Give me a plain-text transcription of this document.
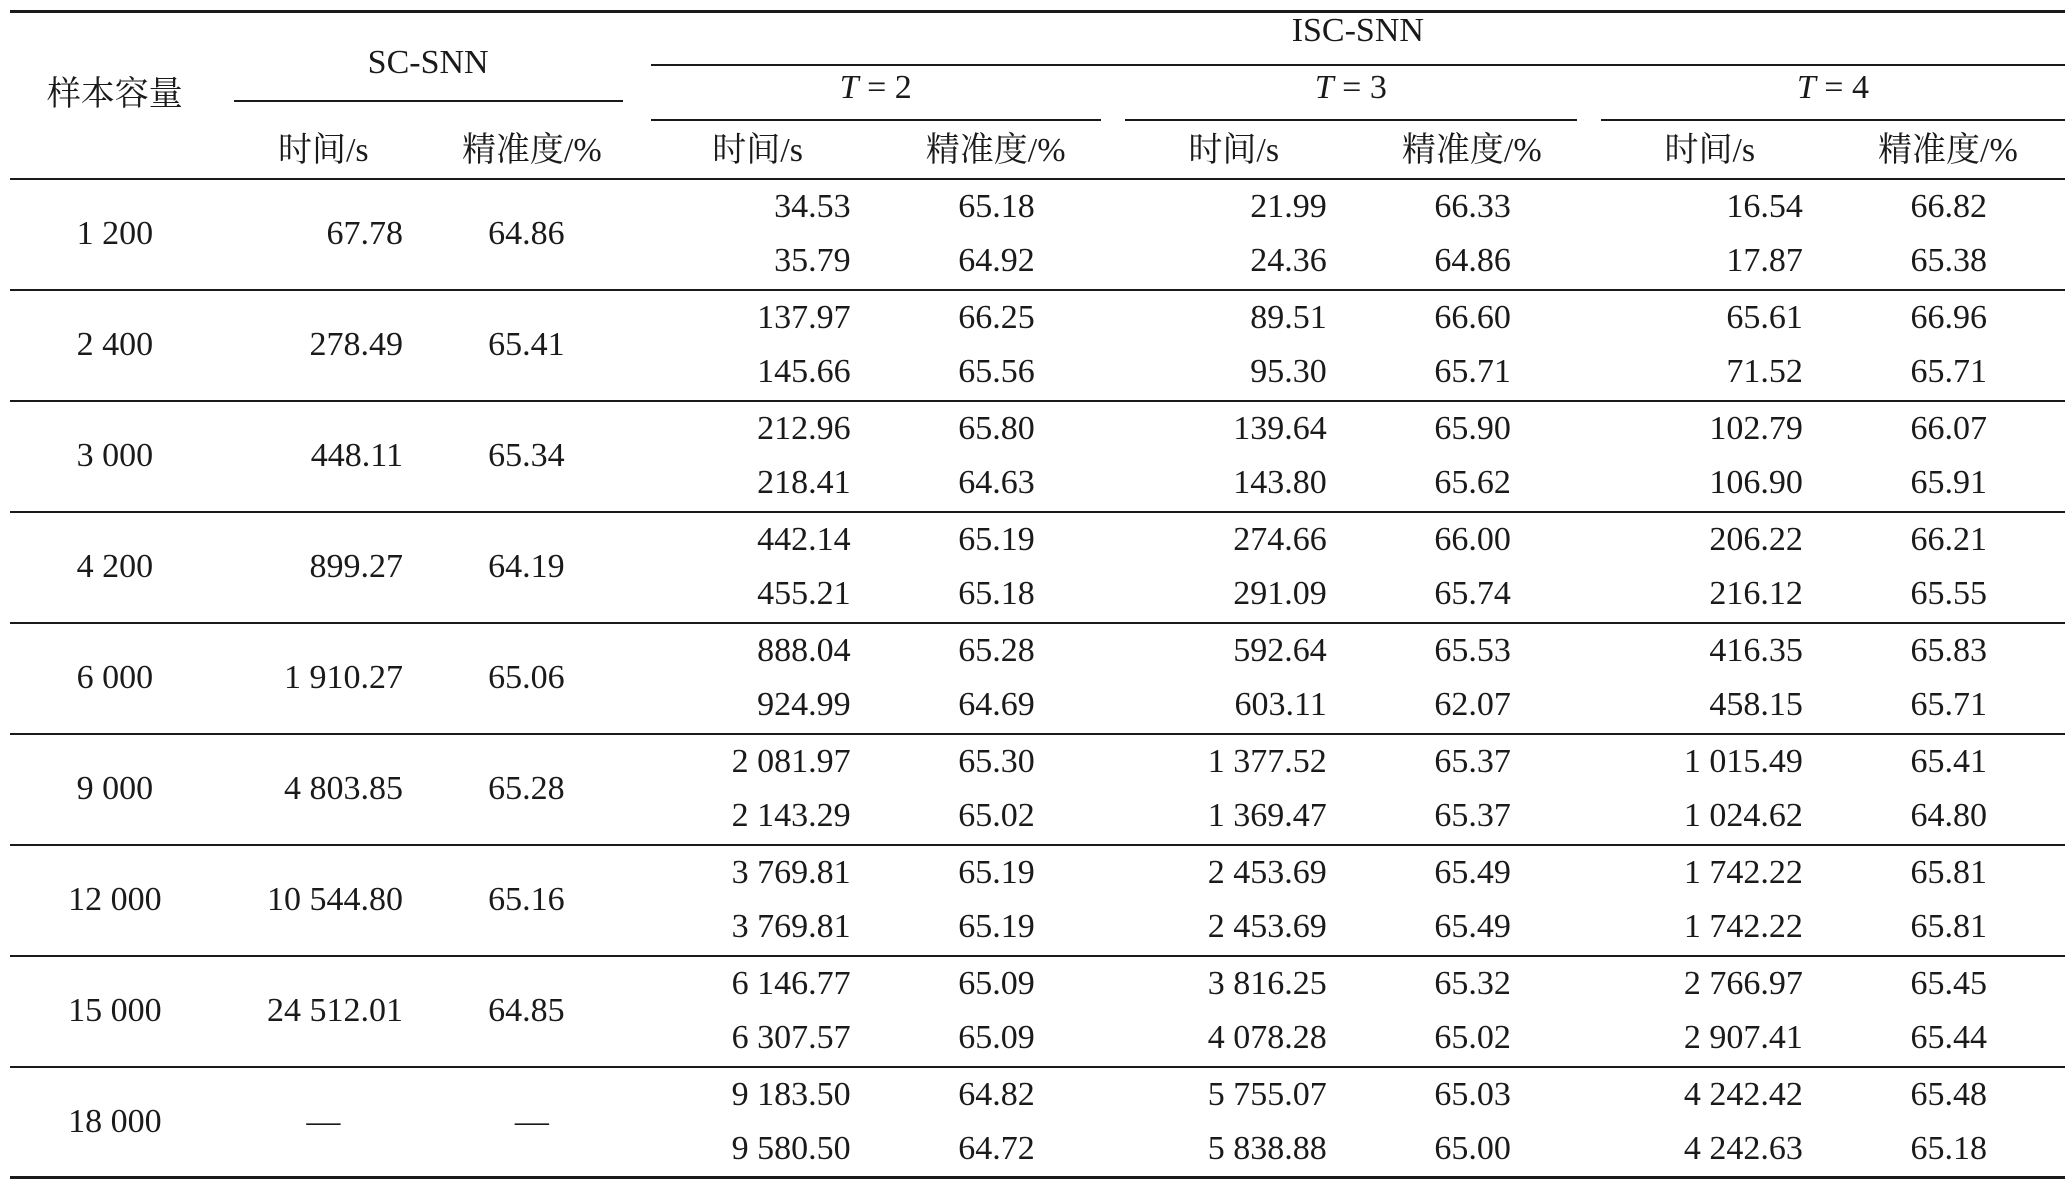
样本容量	SC-SNN		ISC-SNN					

			T = 2		T = 3		T = 4	

	时间/s	精准度/%	时间/s	精准度/%	时间/s	精准度/%	时间/s	精准度/%
1 200	67.78	64.86	34.53	65.18	21.99	66.33	16.54	66.82
			35.79	64.92	24.36	64.86	17.87	65.38
2 400	278.49	65.41	137.97	66.25	89.51	66.60	65.61	66.96
			145.66	65.56	95.30	65.71	71.52	65.71
3 000	448.11	65.34	212.96	65.80	139.64	65.90	102.79	66.07
			218.41	64.63	143.80	65.62	106.90	65.91
4 200	899.27	64.19	442.14	65.19	274.66	66.00	206.22	66.21
			455.21	65.18	291.09	65.74	216.12	65.55
6 000	1 910.27	65.06	888.04	65.28	592.64	65.53	416.35	65.83
			924.99	64.69	603.11	62.07	458.15	65.71
9 000	4 803.85	65.28	2 081.97	65.30	1 377.52	65.37	1 015.49	65.41
			2 143.29	65.02	1 369.47	65.37	1 024.62	64.80
12 000	10 544.80	65.16	3 769.81	65.19	2 453.69	65.49	1 742.22	65.81
			3 769.81	65.19	2 453.69	65.49	1 742.22	65.81
15 000	24 512.01	64.85	6 146.77	65.09	3 816.25	65.32	2 766.97	65.45
			6 307.57	65.09	4 078.28	65.02	2 907.41	65.44
18 000	—	—	9 183.50	64.82	5 755.07	65.03	4 242.42	65.48
			9 580.50	64.72	5 838.88	65.00	4 242.63	65.18
